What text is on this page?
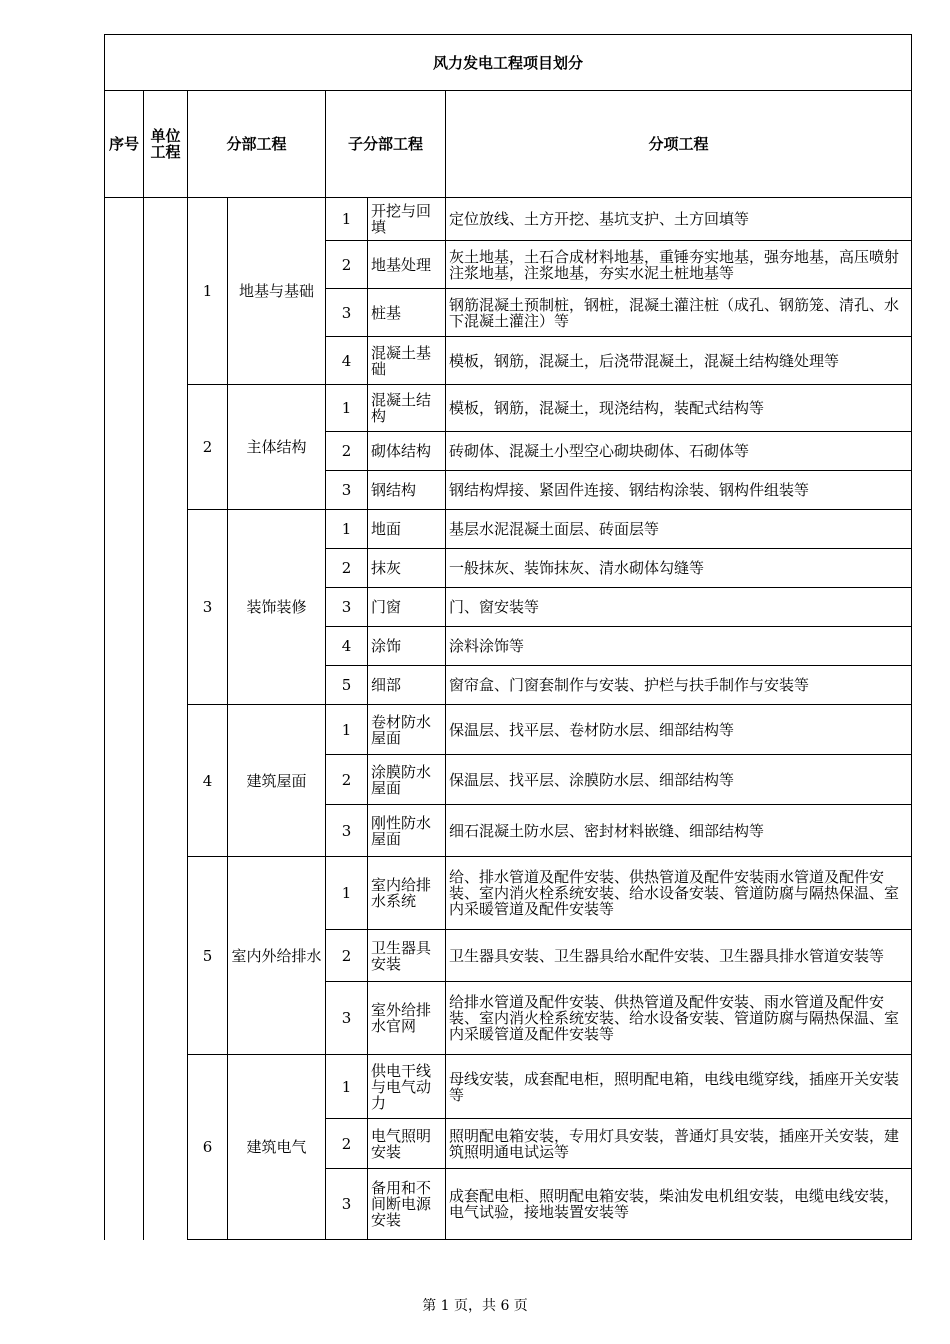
风力发电工程项目划分						
序号	单位工程	分部工程		子分部工程		分项工程
		1	地基与基础	1	开挖与回填	定位放线、土方开挖、基坑支护、土方回填等
				2	地基处理	灰土地基，土石合成材料地基，重锤夯实地基，强夯地基，高压喷射注浆地基，注浆地基，夯实水泥土桩地基等
				3	桩基	钢筋混凝土预制桩，钢桩，混凝土灌注桩（成孔、钢筋笼、清孔、水下混凝土灌注）等
				4	混凝土基础	模板，钢筋，混凝土，后浇带混凝土，混凝土结构缝处理等
		2	主体结构	1	混凝土结构	模板，钢筋，混凝土，现浇结构，装配式结构等
				2	砌体结构	砖砌体、混凝土小型空心砌块砌体、石砌体等
				3	钢结构	钢结构焊接、紧固件连接、钢结构涂装、钢构件组装等
		3	装饰装修	1	地面	基层水泥混凝土面层、砖面层等
				2	抹灰	一般抹灰、装饰抹灰、清水砌体勾缝等
				3	门窗	门、窗安装等
				4	涂饰	涂料涂饰等
				5	细部	窗帘盒、门窗套制作与安装、护栏与扶手制作与安装等
		4	建筑屋面	1	卷材防水屋面	保温层、找平层、卷材防水层、细部结构等
				2	涂膜防水屋面	保温层、找平层、涂膜防水层、细部结构等
				3	刚性防水屋面	细石混凝土防水层、密封材料嵌缝、细部结构等
		5	室内外给排水	1	室内给排水系统	给、排水管道及配件安装、供热管道及配件安装雨水管道及配件安装、室内消火栓系统安装、给水设备安装、管道防腐与隔热保温、室内采暖管道及配件安装等
				2	卫生器具安装	卫生器具安装、卫生器具给水配件安装、卫生器具排水管道安装等
				3	室外给排水官网	给排水管道及配件安装、供热管道及配件安装、雨水管道及配件安装、室内消火栓系统安装、给水设备安装、管道防腐与隔热保温、室内采暖管道及配件安装等
		6	建筑电气	1	供电干线与电气动力	母线安装，成套配电柜，照明配电箱，电线电缆穿线，插座开关安装等
				2	电气照明安装	照明配电箱安装，专用灯具安装，普通灯具安装，插座开关安装，建筑照明通电试运等
				3	备用和不间断电源安装	成套配电柜、照明配电箱安装，柴油发电机组安装，电缆电线安装，电气试验，接地装置安装等
第 1 页，共 6 页
